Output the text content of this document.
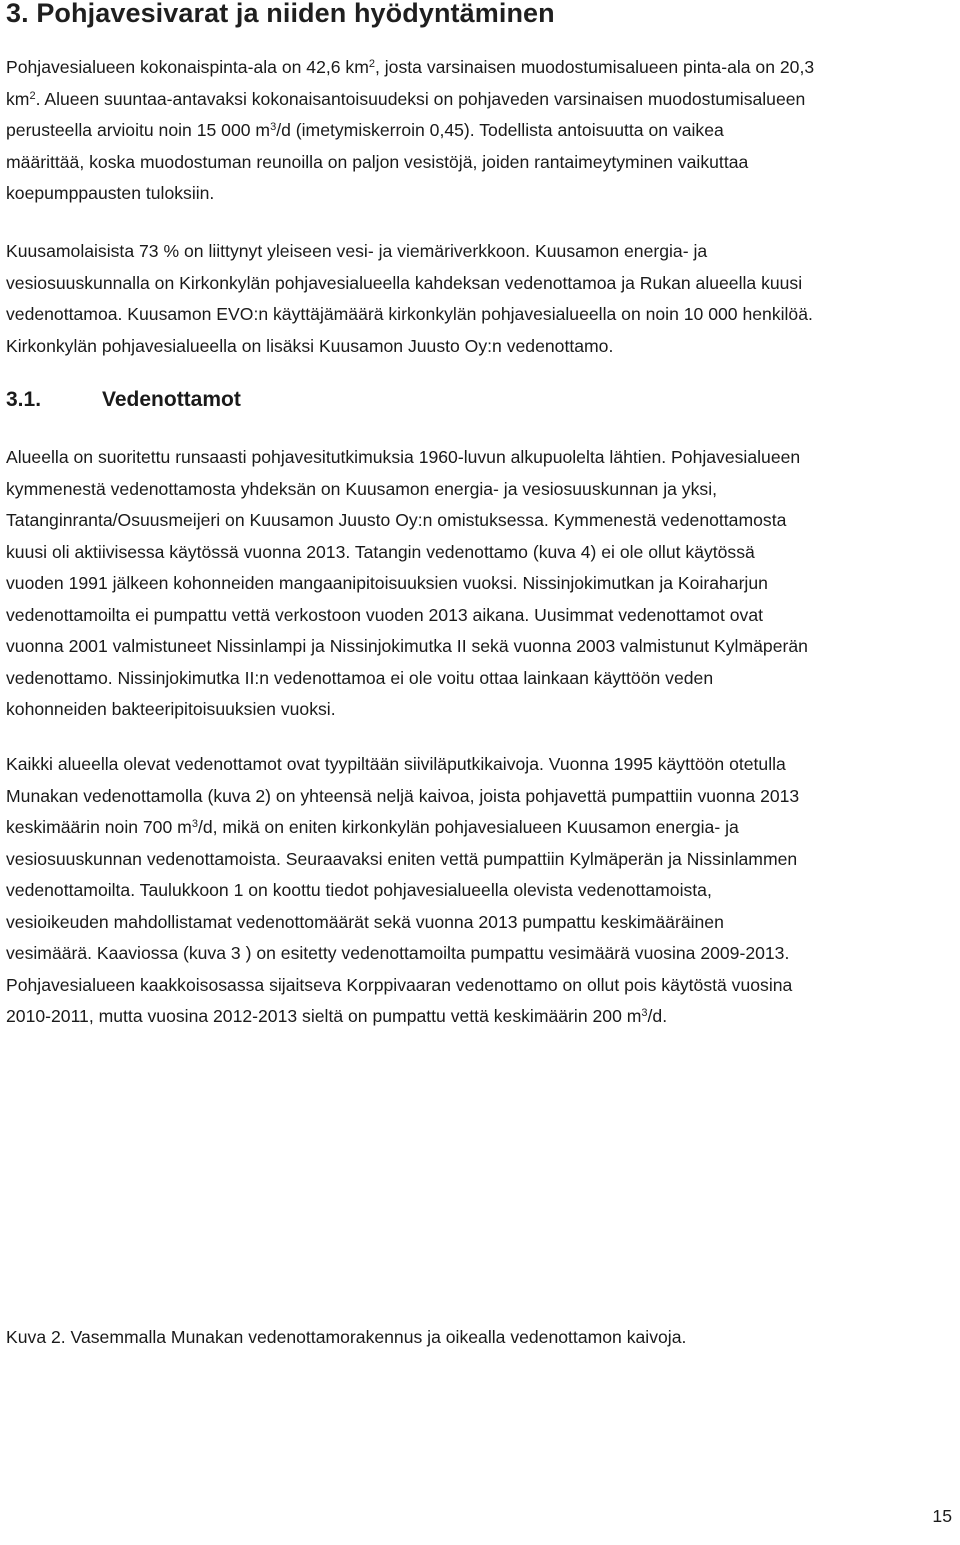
3. Pohjavesivarat ja niiden hyödyntäminen
Pohjavesialueen kokonaispinta-ala on 42,6 $km^2$, josta varsinaisen muodostumisalueen pinta-ala on 20,3
$km^2$. Alueen suuntaa-antavaksi kokonaisantoisuudeksi on pohjaveden varsinaisen muodostumisalueen
perusteella arvioitu noin 15 000 $m^3/d$ (imetymiskerroin 0,45). Todellista antoisuutta on vaikea
määrittää, koska muodostuman reunoilla on paljon vesistöjä, joiden rantaimeytyminen vaikuttaa
koepumppausten tuloksiin.
Kuusamolaisista 73 % on liittynyt yleiseen vesi- ja viemäriverkkoon. Kuusamon energia- ja
vesiosuuskunnalla on Kirkonkylän pohjavesialueella kahdeksan vedenottamoa ja Rukan alueella kuusi
vedenottamoa. Kuusamon EVO:n käyttäjämäärä kirkonkylän pohjavesialueella on noin 10 000 henkilöä.
Kirkonkylän pohjavesialueella on lisäksi Kuusamon Juusto Oy:n vedenottamo.
3.1.	Vedenottamot
Alueella on suoritettu runsaasti pohjavesitutkimuksia 1960-luvun alkupuolelta lähtien. Pohjavesialueen
kymmenestä vedenottamosta yhdeksän on Kuusamon energia- ja vesiosuuskunnan ja yksi,
Tatanginranta/Osuusmeijeri on Kuusamon Juusto Oy:n omistuksessa. Kymmenestä vedenottamosta
kuusi oli aktiivisessa käytössä vuonna 2013. Tatangin vedenottamo (kuva 4) ei ole ollut käytössä
vuoden 1991 jälkeen kohonneiden mangaanipitoisuuksien vuoksi. Nissinjokimutkan ja Koiraharjun
vedenottamoilta ei pumpattu vettä verkostoon vuoden 2013 aikana. Uusimmat vedenottamot ovat
vuonna 2001 valmistuneet Nissinlampi ja Nissinjokimutka II sekä vuonna 2003 valmistunut Kylmäperän
vedenottamo. Nissinjokimutka II:n vedenottamoa ei ole voitu ottaa lainkaan käyttöön veden
kohonneiden bakteeripitoisuuksien vuoksi.
Kaikki alueella olevat vedenottamot ovat tyypiltään siiviläputkikaivoja. Vuonna 1995 käyttöön otetulla
Munakan vedenottamolla (kuva 2) on yhteensä neljä kaivoa, joista pohjavettä pumpattiin vuonna 2013
keskimäärin noin 700 $m^3/d$, mikä on eniten kirkonkylän pohjavesialueen Kuusamon energia- ja
vesiosuuskunnan vedenottamoista. Seuraavaksi eniten vettä pumpattiin Kylmäperän ja Nissinlammen
vedenottamoilta. Taulukkoon 1 on koottu tiedot pohjavesialueella olevista vedenottamoista,
vesioikeuden mahdollistamat vedenottomäärät sekä vuonna 2013 pumpattu keskimääräinen
vesimäärä. Kaaviossa (kuva 3 ) on esitetty vedenottamoilta pumpattu vesimäärä vuosina 2009-2013.
Pohjavesialueen kaakkoisosassa sijaitseva Korppivaaran vedenottamo on ollut pois käytöstä vuosina
2010-2011, mutta vuosina 2012-2013 sieltä on pumpattu vettä keskimäärin 200 $m^3/d$.

Kuva 2. Vasemmalla Munakan vedenottamorakennus ja oikealla vedenottamon kaivoja.

15
